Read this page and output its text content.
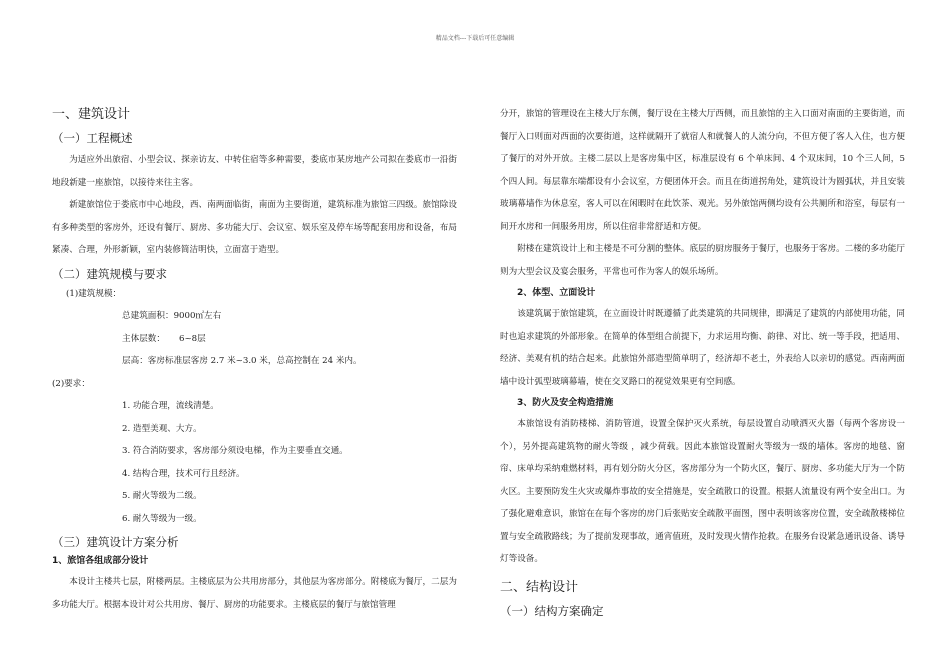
精品文档---下载后可任意编辑
一、建筑设计
（一）工程概述

为适应外出旅宿、小型会议、探亲访友、中转住宿等多种需要，娄底市某房地产公司拟在娄底市一沿街地段新建一座旅馆，以接待来往主客。

新建旅馆位于娄底市中心地段，西、南两面临街，南面为主要街道，建筑标准为旅馆三四级。旅馆除设有多种类型的客房外，还设有餐厅、厨房、多功能大厅、会议室、娱乐室及停车场等配套用房和设备，布局紧凑、合理，外形新颖，室内装修简洁明快，立面富于造型。

（二）建筑规模与要求
(1)建筑规模：
总建筑面积：9000㎡左右
主体层数： 6~8层
层高：客房标准层客房 2.7 米~3.0 米，总高控制在 24 米内。
(2)要求：
1. 功能合理，流线清楚。
2. 造型美观、大方。
3. 符合消防要求，客房部分须设电梯，作为主要垂直交通。
4. 结构合理，技术可行且经济。
5. 耐火等级为二级。
6. 耐久等级为一级。
（三）建筑设计方案分析
1、旅馆各组成部分设计

本设计主楼共七层，附楼两层。主楼底层为公共用房部分，其他层为客房部分。附楼底为餐厅，二层为多功能大厅。根据本设计对公共用房、餐厅、厨房的功能要求。主楼底层的餐厅与旅馆管理

分开，旅馆的管理设在主楼大厅东侧，餐厅设在主楼大厅西侧，而且旅馆的主入口面对南面的主要街道，而餐厅入口则面对西面的次要街道，这样就隔开了就宿人和就餐人的人流分向，不但方便了客人入住，也方便了餐厅的对外开放。主楼二层以上是客房集中区，标准层设有 6 个单床间、4 个双床间，10 个三人间，5 个四人间。每层靠东端都设有小会议室，方便团体开会。而且在街道拐角处，建筑设计为圆弧状，并且安装玻璃幕墙作为休息室，客人可以在闲暇时在此饮茶、观光。另外旅馆两侧均设有公共厕所和浴室，每层有一间开水房和一间服务用房，所以住宿非常舒适和方便。

附楼在建筑设计上和主楼是不可分割的整体。底层的厨房服务于餐厅，也服务于客房。二楼的多功能厅则为大型会议及宴会服务，平常也可作为客人的娱乐场所。

2、体型、立面设计

该建筑属于旅馆建筑，在立面设计时既遵循了此类建筑的共同规律，即满足了建筑的内部使用功能，同时也追求建筑的外部形象。在简单的体型组合前提下，力求运用均衡、韵律、对比、统一等手段，把适用、经济、美观有机的结合起来。此旅馆外部造型简单明了，经济却不老土，外表给人以亲切的感觉。西南两面墙中设计弧型玻璃幕墙，使在交叉路口的视觉效果更有空间感。

3、防火及安全构造措施

本旅馆设有消防楼梯、消防管道，设置全保护灭火系统，每层设置自动喷洒灭火器（每两个客房设一个），另外提高建筑物的耐火等级 ，减少荷载。因此本旅馆设置耐火等级为一级的墙体。客房的地毯、窗帘、床单均采纳难燃材料，再有划分防火分区，客房部分为一个防火区，餐厅、厨房、多功能大厅为一个防火区。主要预防发生火灾或爆炸事故的安全措施是，安全疏散口的设置。根据人流量设有两个安全出口。为了强化避难意识，旅馆在在每个客房的房门后张贴安全疏散平面图，图中表明该客房位置，安全疏散楼梯位置与安全疏散路线；为了提前发现事故，通宵值班，及时发现火情作抢救。在服务台设紧急通讯设备、诱导灯等设备。

二、结构设计
（一）结构方案确定
